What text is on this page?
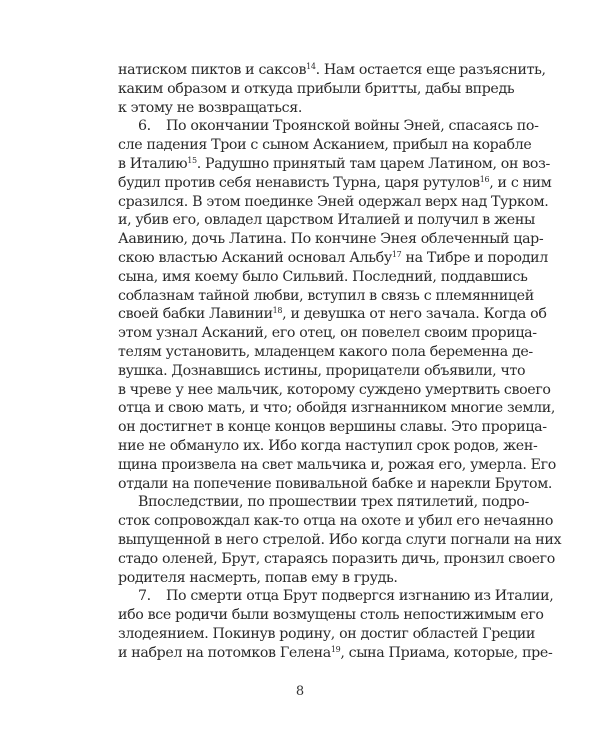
натиском пиктов и саксов$^{14}$. Нам остается еще разъяснить,
каким образом и откуда прибыли бритты, дабы впредь
к этому не возвращаться.
6. По окончании Троянской войны Эней, спасаясь по-
сле падения Трои с сыном Асканием, прибыл на корабле
в Италию$^{15}$. Радушно принятый там царем Латином, он воз-
будил против себя ненависть Турна, царя рутулов$^{16}$, и с ним
сразился. В этом поединке Эней одержал верх над Турком.
и, убив его, овладел царством Италией и получил в жены
Аавинию, дочь Латина. По кончине Энея облеченный цар-
скою властью Асканий основал Альбу$^{17}$ на Тибре и породил
сына, имя коему было Сильвий. Последний, поддавшись
соблазнам тайной любви, вступил в связь с племянницей
своей бабки Лавинии$^{18}$, и девушка от него зачала. Когда об
этом узнал Асканий, его отец, он повелел своим прорица-
телям установить, младенцем какого пола беременна де-
вушка. Дознавшись истины, прорицатели объявили, что
в чреве у нее мальчик, которому суждено умертвить своего
отца и свою мать, и что; обойдя изгнанником многие земли,
он достигнет в конце концов вершины славы. Это прорица-
ние не обмануло их. Ибо когда наступил срок родов, жен-
щина произвела на свет мальчика и, рожая его, умерла. Его
отдали на попечение повивальной бабке и нарекли Брутом.
Впоследствии, по прошествии трех пятилетий, подро-
сток сопровождал как-то отца на охоте и убил его нечаянно
выпущенной в него стрелой. Ибо когда слуги погнали на них
стадо оленей, Брут, стараясь поразить дичь, пронзил своего
родителя насмерть, попав ему в грудь.
7. По смерти отца Брут подвергся изгнанию из Италии,
ибо все родичи были возмущены столь непостижимым его
злодеянием. Покинув родину, он достиг областей Греции
и набрел на потомков Гелена$^{19}$, сына Приама, которые, пре-
8
